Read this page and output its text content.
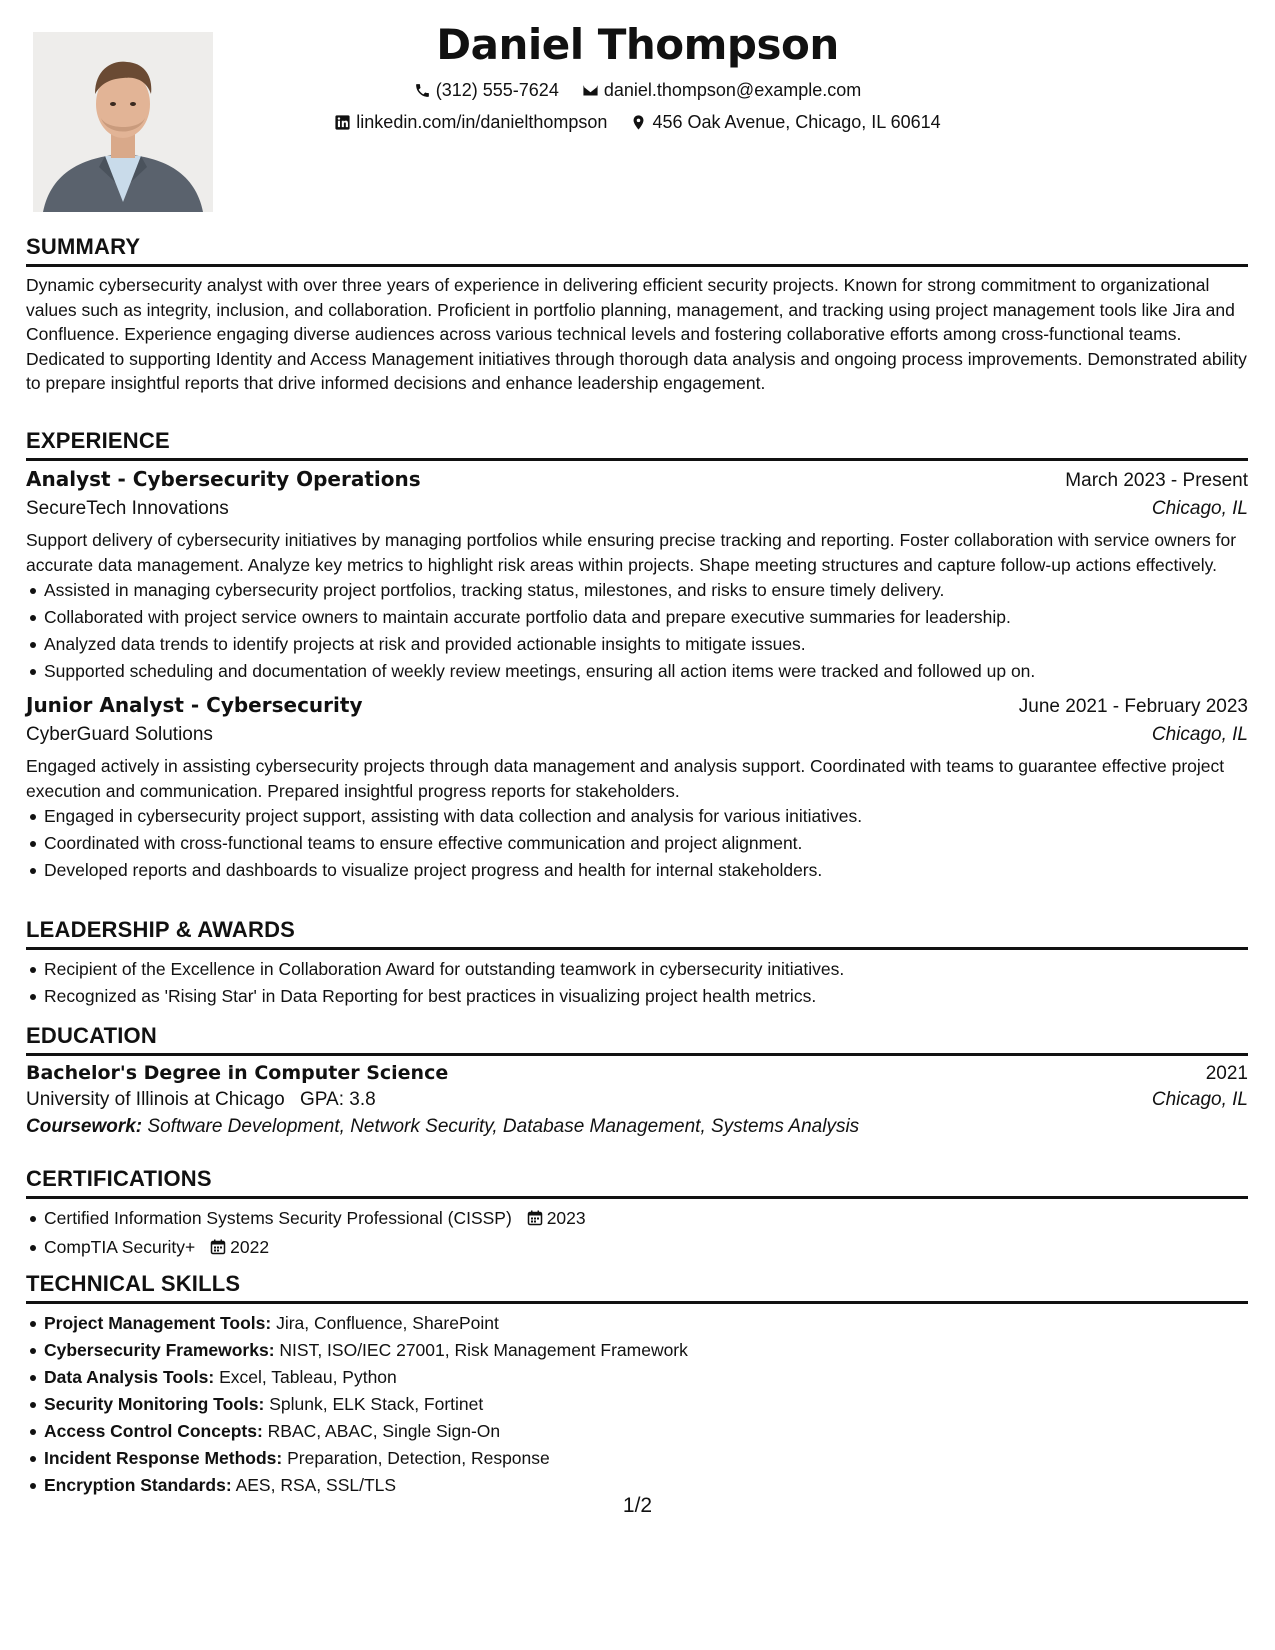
Daniel Thompson
(312) 555-7624
	daniel.thompson@example.com
linkedin.com/in/danielthompson
	456 Oak Avenue, Chicago, IL 60614
SUMMARY

Dynamic cybersecurity analyst with over three years of experience in delivering efficient security projects. Known for strong commitment to organizational values such as integrity, inclusion, and collaboration. Proficient in portfolio planning, management, and tracking using project management tools like Jira and Confluence. Experience engaging diverse audiences across various technical levels and fostering collaborative efforts among cross-functional teams. Dedicated to supporting Identity and Access Management initiatives through thorough data analysis and ongoing process improvements. Demonstrated ability to prepare insightful reports that drive informed decisions and enhance leadership engagement.

EXPERIENCE
Analyst - Cybersecurity Operations	March 2023 - Present
SecureTech Innovations	Chicago, IL

Support delivery of cybersecurity initiatives by managing portfolios while ensuring precise tracking and reporting. Foster collaboration with service owners for accurate data management. Analyze key metrics to highlight risk areas within projects. Shape meeting structures and capture follow-up actions effectively.

Assisted in managing cybersecurity project portfolios, tracking status, milestones, and risks to ensure timely delivery.
Collaborated with project service owners to maintain accurate portfolio data and prepare executive summaries for leadership.
Analyzed data trends to identify projects at risk and provided actionable insights to mitigate issues.
Supported scheduling and documentation of weekly review meetings, ensuring all action items were tracked and followed up on.
Junior Analyst - Cybersecurity	June 2021 - February 2023
CyberGuard Solutions	Chicago, IL

Engaged actively in assisting cybersecurity projects through data management and analysis support. Coordinated with teams to guarantee effective project execution and communication. Prepared insightful progress reports for stakeholders.

Engaged in cybersecurity project support, assisting with data collection and analysis for various initiatives.
Coordinated with cross-functional teams to ensure effective communication and project alignment.
Developed reports and dashboards to visualize project progress and health for internal stakeholders.
LEADERSHIP & AWARDS
Recipient of the Excellence in Collaboration Award for outstanding teamwork in cybersecurity initiatives.
Recognized as 'Rising Star' in Data Reporting for best practices in visualizing project health metrics.
EDUCATION
Bachelor's Degree in Computer Science	2021
University of Illinois at Chicago GPA: 3.8	Chicago, IL
Coursework: Software Development, Network Security, Database Management, Systems Analysis
CERTIFICATIONS
Certified Information Systems Security Professional (CISSP) 2023
CompTIA Security+ 2022
TECHNICAL SKILLS
Project Management Tools: Jira, Confluence, SharePoint
Cybersecurity Frameworks: NIST, ISO/IEC 27001, Risk Management Framework
Data Analysis Tools: Excel, Tableau, Python
Security Monitoring Tools: Splunk, ELK Stack, Fortinet
Access Control Concepts: RBAC, ABAC, Single Sign-On
Incident Response Methods: Preparation, Detection, Response
Encryption Standards: AES, RSA, SSL/TLS
1/2
